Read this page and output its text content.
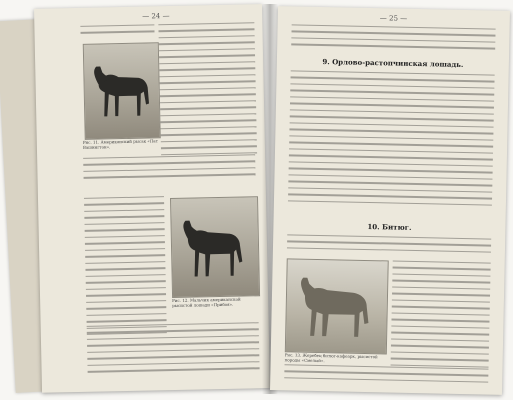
— 24 —
Рис. 11. Американский рысак «Пат Вашингтон».
Рис. 12. Мальчик американской рысистой лошади «Прибоя».
— 25 —
9. Орлово-растопчинская лошадь.
10. Битюг.
Рис. 13. Жеребец битюг-кафеарк, рысистой породы «Смелый».
